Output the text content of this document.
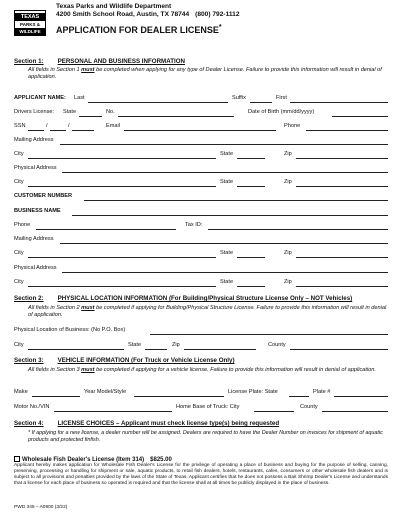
TEXAS
PARKS &
WILDLIFE
Texas Parks and Wildlife Department
4200 Smith School Road, Austin, TX 78744 (800) 792-1112
APPLICATION FOR DEALER LICENSE*
Section 1: PERSONAL AND BUSINESS INFORMATION
All fields in Section 1 must be completed when applying for any type of Dealer License. Failure to provide this information will result in denial of application.
APPLICANT NAME: Last	Suffix	First
Drivers License: State	No.	Date of Birth (mm/dd/yyyy)
SSN	/	/	Email	Phone
Mailing Address
City	State	Zip
Physical Address
City	State	Zip
CUSTOMER NUMBER
BUSINESS NAME
Phone	Tax ID:
Mailing Address
City	State	Zip
Physical Address
City	State	Zip
Section 2: PHYSICAL LOCATION INFORMATION (For Building/Physical Structure License Only – NOT Vehicles)
All fields in Section 2 must be completed if applying for Building/Physical Structure License. Failure to provide this information will result in denial of application.
Physical Location of Business: (No P.O. Box)
City	State	Zip	County
Section 3: VEHICLE INFORMATION (For Truck or Vehicle License Only)
All fields in Section 3 must be completed if applying for a vehicle license. Failure to provide this information will result in denial of application.
Make	Year Model/Style	License Plate: State	Plate #
Motor No./VIN	Home Base of Truck: City	County
Section 4: LICENSE CHOICES – Applicant must check license type(s) being requested
* If applying for a new license, a dealer number will be assigned. Dealers are required to have the Dealer Number on invoices for shipment of aquatic products and protected finfish.
Wholesale Fish Dealer's License (Item 314) $825.00
Applicant hereby makes application for Wholesale Fish Dealer's License for the privilege of operating a place of business and buying for the purpose of selling, canning, preserving, processing or handling for shipment or sale, aquatic products, to retail fish dealers, hotels, restaurants, cafes, consumers or other wholesale fish dealers and is subject to all provisions and penalties provided by the laws of the State of Texas. Applicant certifies that he does not possess a Bait Shrimp Dealer's License and understands that a license for each place of business so operated is required and that the license shall at all times be publicly displayed in the place of business.
PWD 345 – A0900 (3/22)
